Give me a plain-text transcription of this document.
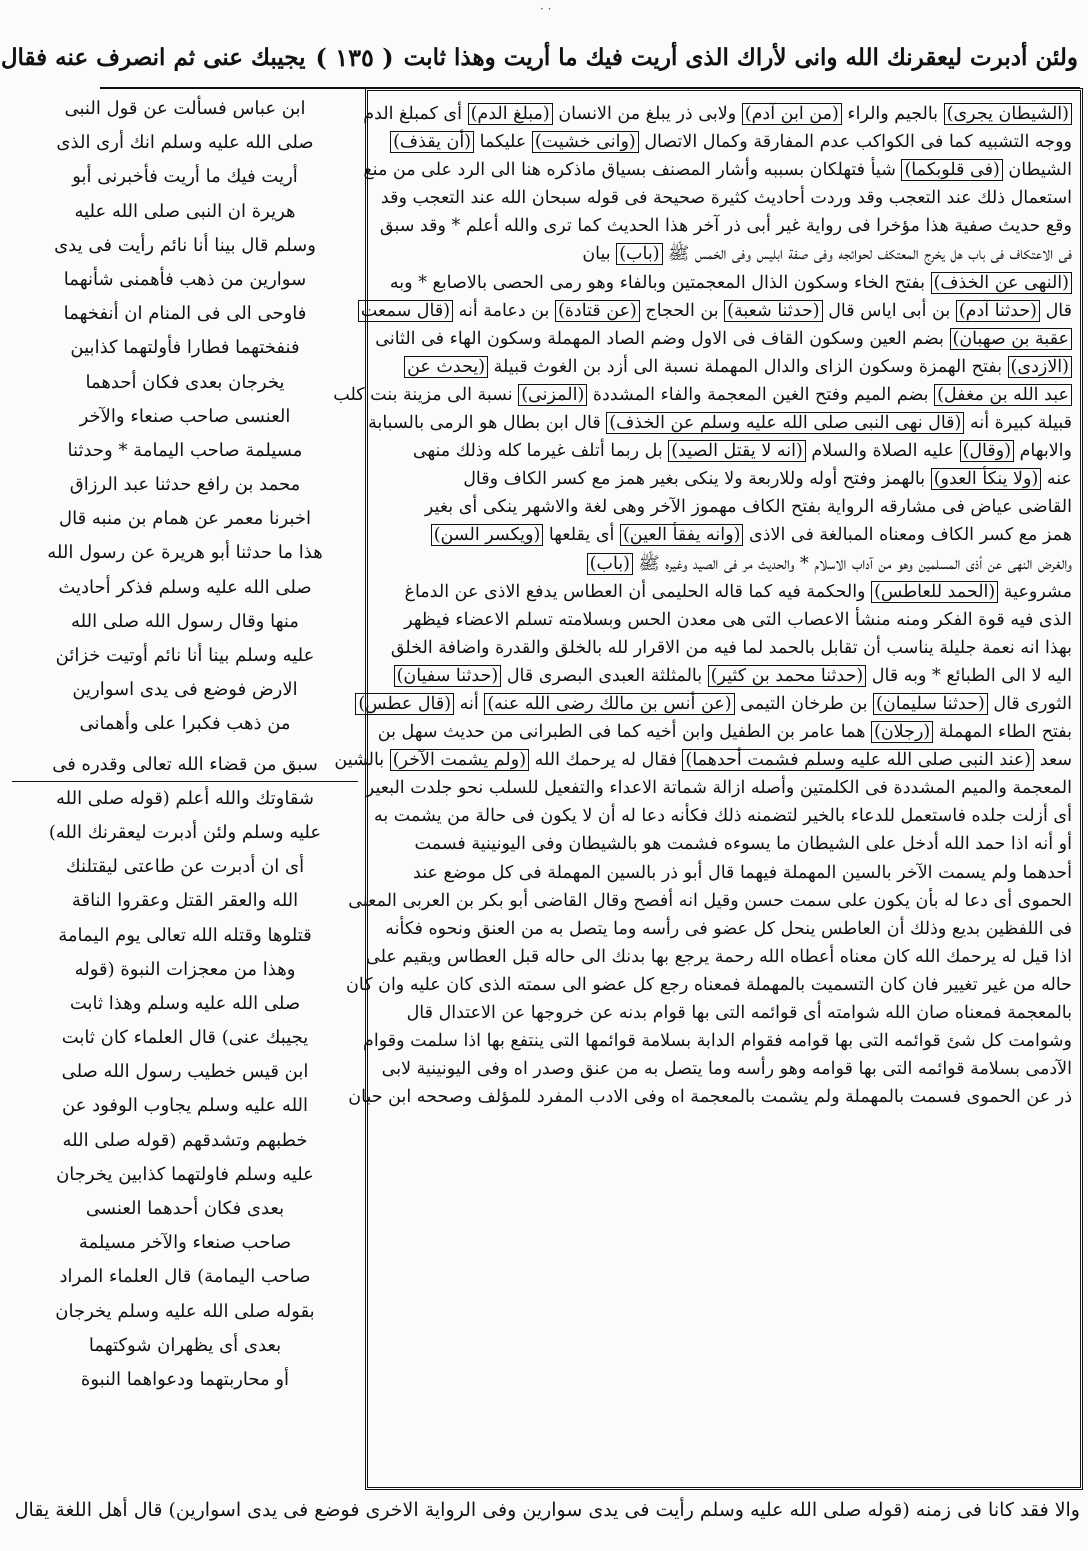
· ·
ولئن أدبرت ليعقرنك الله وانى لأراك الذى أريت فيك ما أريت وهذا ثابت
( ١٣٥ )
يجيبك عنى ثم انصرف عنه فقال
(الشيطان يجرى) بالجيم والراء (من ابن آدم) ولابى ذر يبلغ من الانسان (مبلغ الدم) أى كمبلغ الدم
ووجه التشبيه كما فى الكواكب عدم المفارقة وكمال الاتصال (وانى خشيت) عليكما (أن يقذف)
الشيطان (فى قلوبكما) شيأ فتهلكان بسببه وأشار المصنف بسياق ماذكره هنا الى الرد على من منع
استعمال ذلك عند التعجب وقد وردت أحاديث كثيرة صحيحة فى قوله سبحان الله عند التعجب وقد
وقع حديث صفية هذا مؤخرا فى رواية غير أبى ذر آخر هذا الحديث كما ترى والله أعلم * وقد سبق
فى الاعتكاف فى باب هل يخرج المعتكف لحوائجه وفى صفة ابليس وفى الخمس ﷺ (باب) بيان
(النهى عن الخذف) بفتح الخاء وسكون الذال المعجمتين وبالفاء وهو رمى الحصى بالاصابع * وبه
قال (حدثنا آدم) بن أبى اياس قال (حدثنا شعبة) بن الحجاج (عن قتادة) بن دعامة أنه (قال سمعت
عقبة بن صهبان) بضم العين وسكون القاف فى الاول وضم الصاد المهملة وسكون الهاء فى الثانى
(الازدى) بفتح الهمزة وسكون الزاى والدال المهملة نسبة الى أزد بن الغوث قبيلة (يحدث عن
عبد الله بن مغفل) بضم الميم وفتح الغين المعجمة والفاء المشددة (المزنى) نسبة الى مزينة بنت كلب
قبيلة كبيرة أنه (قال نهى النبى صلى الله عليه وسلم عن الخذف) قال ابن بطال هو الرمى بالسبابة
والابهام (وقال) عليه الصلاة والسلام (انه لا يقتل الصيد) بل ربما أتلف غيرما كله وذلك منهى
عنه (ولا ينكأ العدو) بالهمز وفتح أوله وللاربعة ولا ينكى بغير همز مع كسر الكاف وقال
القاضى عياض فى مشارقه الرواية بفتح الكاف مهموز الآخر وهى لغة والاشهر ينكى أى بغير
همز مع كسر الكاف ومعناه المبالغة فى الاذى (وانه يفقأ العين) أى يقلعها (ويكسر السن)
والغرض النهى عن أذى المسلمين وهو من آداب الاسلام * والحديث مر فى الصيد وغيره ﷺ (باب)
مشروعية (الحمد للعاطس) والحكمة فيه كما قاله الحليمى أن العطاس يدفع الاذى عن الدماغ
الذى فيه قوة الفكر ومنه منشأ الاعصاب التى هى معدن الحس وبسلامته تسلم الاعضاء فيظهر
بهذا انه نعمة جليلة يناسب أن تقابل بالحمد لما فيه من الاقرار لله بالخلق والقدرة واضافة الخلق
اليه لا الى الطبائع * وبه قال (حدثنا محمد بن كثير) بالمثلثة العبدى البصرى قال (حدثنا سفيان)
الثورى قال (حدثنا سليمان) بن طرخان التيمى (عن أنس بن مالك رضى الله عنه) أنه (قال عطس)
بفتح الطاء المهملة (رجلان) هما عامر بن الطفيل وابن أخيه كما فى الطبرانى من حديث سهل بن
سعد (عند النبى صلى الله عليه وسلم فشمت أحدهما) فقال له يرحمك الله (ولم يشمت الآخر) بالشين
المعجمة والميم المشددة فى الكلمتين وأصله ازالة شماتة الاعداء والتفعيل للسلب نحو جلدت البعير
أى أزلت جلده فاستعمل للدعاء بالخير لتضمنه ذلك فكأنه دعا له أن لا يكون فى حالة من يشمت به
أو أنه اذا حمد الله أدخل على الشيطان ما يسوءه فشمت هو بالشيطان وفى اليونينية فسمت
أحدهما ولم يسمت الآخر بالسين المهملة فيهما قال أبو ذر بالسين المهملة فى كل موضع عند
الحموى أى دعا له بأن يكون على سمت حسن وقيل انه أفصح وقال القاضى أبو بكر بن العربى المعنى
فى اللفظين بديع وذلك أن العاطس ينحل كل عضو فى رأسه وما يتصل به من العنق ونحوه فكأنه
اذا قيل له يرحمك الله كان معناه أعطاه الله رحمة يرجع بها بدنك الى حاله قبل العطاس ويقيم على
حاله من غير تغيير فان كان التسميت بالمهملة فمعناه رجع كل عضو الى سمته الذى كان عليه وان كان
بالمعجمة فمعناه صان الله شوامته أى قوائمه التى بها قوام بدنه عن خروجها عن الاعتدال قال
وشوامت كل شئ قوائمه التى بها قوامه فقوام الدابة بسلامة قوائمها التى ينتفع بها اذا سلمت وقوام
الآدمى بسلامة قوائمه التى بها قوامه وهو رأسه وما يتصل به من عنق وصدر اه وفى اليونينية لابى
ذر عن الحموى فسمت بالمهملة ولم يشمت بالمعجمة اه وفى الادب المفرد للمؤلف وصححه ابن حبان
ابن عباس فسألت عن قول النبى
صلى الله عليه وسلم انك أرى الذى
أريت فيك ما أريت فأخبرنى أبو
هريرة ان النبى صلى الله عليه
وسلم قال بينا أنا نائم رأيت فى يدى
سوارين من ذهب فأهمنى شأنهما
فاوحى الى فى المنام ان أنفخهما
فنفختهما فطارا فأولتهما كذابين
يخرجان بعدى فكان أحدهما
العنسى صاحب صنعاء والآخر
مسيلمة صاحب اليمامة * وحدثنا
محمد بن رافع حدثنا عبد الرزاق
اخبرنا معمر عن همام بن منبه قال
هذا ما حدثنا أبو هريرة عن رسول الله
صلى الله عليه وسلم فذكر أحاديث
منها وقال رسول الله صلى الله
عليه وسلم بينا أنا نائم أوتيت خزائن
الارض فوضع فى يدى اسوارين
من ذهب فكبرا على وأهمانى
سبق من قضاء الله تعالى وقدره فى
شقاوتك والله أعلم (قوله صلى الله
عليه وسلم ولئن أدبرت ليعقرنك الله)
أى ان أدبرت عن طاعتى ليقتلنك
الله والعقر القتل وعقروا الناقة
قتلوها وقتله الله تعالى يوم اليمامة
وهذا من معجزات النبوة (قوله
صلى الله عليه وسلم وهذا ثابت
يجيبك عنى) قال العلماء كان ثابت
ابن قيس خطيب رسول الله صلى
الله عليه وسلم يجاوب الوفود عن
خطبهم وتشدقهم (قوله صلى الله
عليه وسلم فاولتهما كذابين يخرجان
بعدى فكان أحدهما العنسى
صاحب صنعاء والآخر مسيلمة
صاحب اليمامة) قال العلماء المراد
بقوله صلى الله عليه وسلم يخرجان
بعدى أى يظهران شوكتهما
أو محاربتهما ودعواهما النبوة
والا فقد كانا فى زمنه (قوله صلى الله عليه وسلم رأيت فى يدى سوارين وفى الرواية الاخرى فوضع فى يدى اسوارين) قال أهل اللغة يقال
